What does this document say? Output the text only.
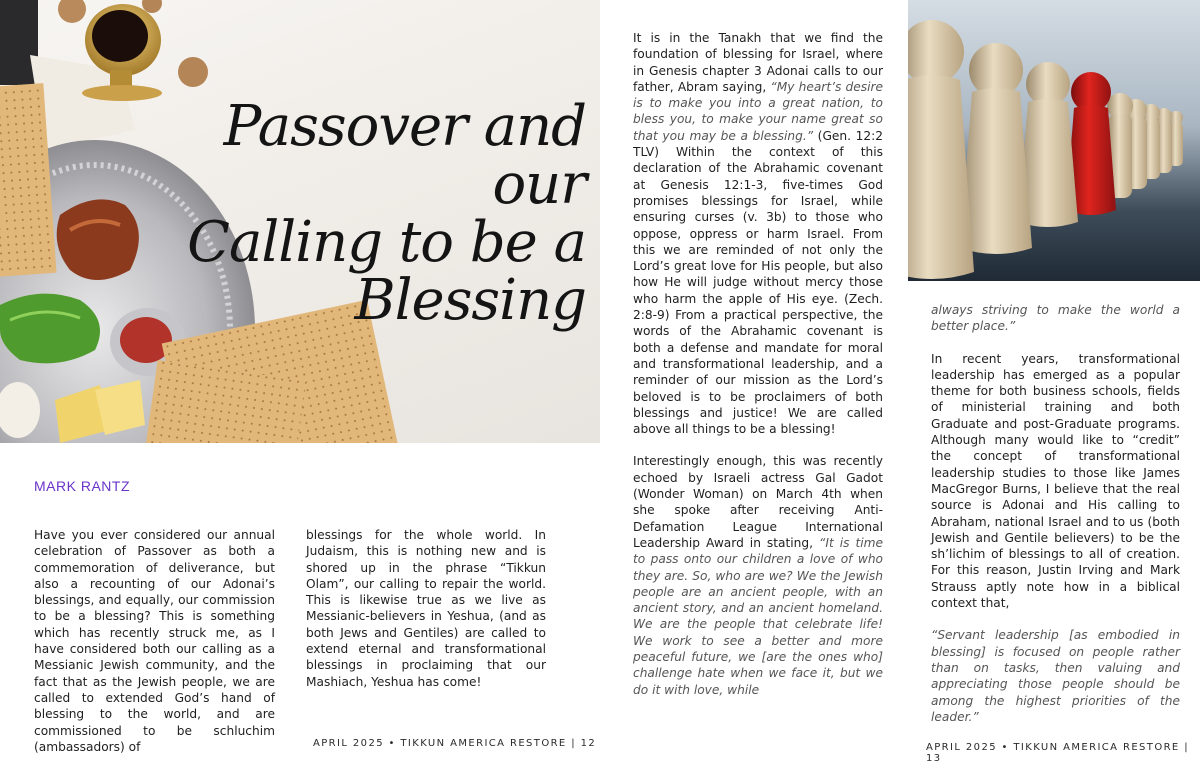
Passover and our
Calling to be a
Blessing
MARK RANTZ

Have you ever considered our annual celebration of Passover as both a commemoration of deliverance, but also a recounting of our Adonai’s blessings, and equally, our commission to be a blessing? This is something which has recently struck me, as I have considered both our calling as a Messianic Jewish community, and the fact that as the Jewish people, we are called to extended God’s hand of blessing to the world, and are commissioned to be schluchim (ambassadors) of

blessings for the whole world. In Judaism, this is nothing new and is shored up in the phrase “Tikkun Olam”, our calling to repair the world. This is likewise true as we live as Messianic-believers in Yeshua, (and as both Jews and Gentiles) are called to extend eternal and transformational blessings in proclaiming that our Mashiach, Yeshua has come!

APRIL 2025 • TIKKUN AMERICA RESTORE | 12

It is in the Tanakh that we find the foundation of blessing for Israel, where in Genesis chapter 3 Adonai calls to our father, Abram saying, “My heart’s desire is to make you into a great nation, to bless you, to make your name great so that you may be a blessing.” (Gen. 12:2 TLV) Within the context of this declaration of the Abrahamic covenant at Genesis 12:1-3, five-times God promises blessings for Israel, while ensuring curses (v. 3b) to those who oppose, oppress or harm Israel. From this we are reminded of not only the Lord’s great love for His people, but also how He will judge without mercy those who harm the apple of His eye. (Zech. 2:8-9) From a practical perspective, the words of the Abrahamic covenant is both a defense and mandate for moral and transformational leadership, and a reminder of our mission as the Lord’s beloved is to be proclaimers of both blessings and justice! We are called above all things to be a blessing!

Interestingly enough, this was recently echoed by Israeli actress Gal Gadot (Wonder Woman) on March 4th when she spoke after receiving Anti-Defamation League International Leadership Award in stating, “It is time to pass onto our children a love of who they are. So, who are we? We the Jewish people are an ancient people, with an ancient story, and an ancient homeland. We are the people that celebrate life! We work to see a better and more peaceful future, we [are the ones who] challenge hate when we face it, but we do it with love, while

always striving to make the world a better place.”

In recent years, transformational leadership has emerged as a popular theme for both business schools, fields of ministerial training and both Graduate and post-Graduate programs. Although many would like to “credit” the concept of transformational leadership studies to those like James MacGregor Burns, I believe that the real source is Adonai and His calling to Abraham, national Israel and to us (both Jewish and Gentile believers) to be the sh’lichim of blessings to all of creation. For this reason, Justin Irving and Mark Strauss aptly note how in a biblical context that,

“Servant leadership [as embodied in blessing] is focused on people rather than on tasks, then valuing and appreciating those people should be among the highest priorities of the leader.”

APRIL 2025 • TIKKUN AMERICA RESTORE | 13
